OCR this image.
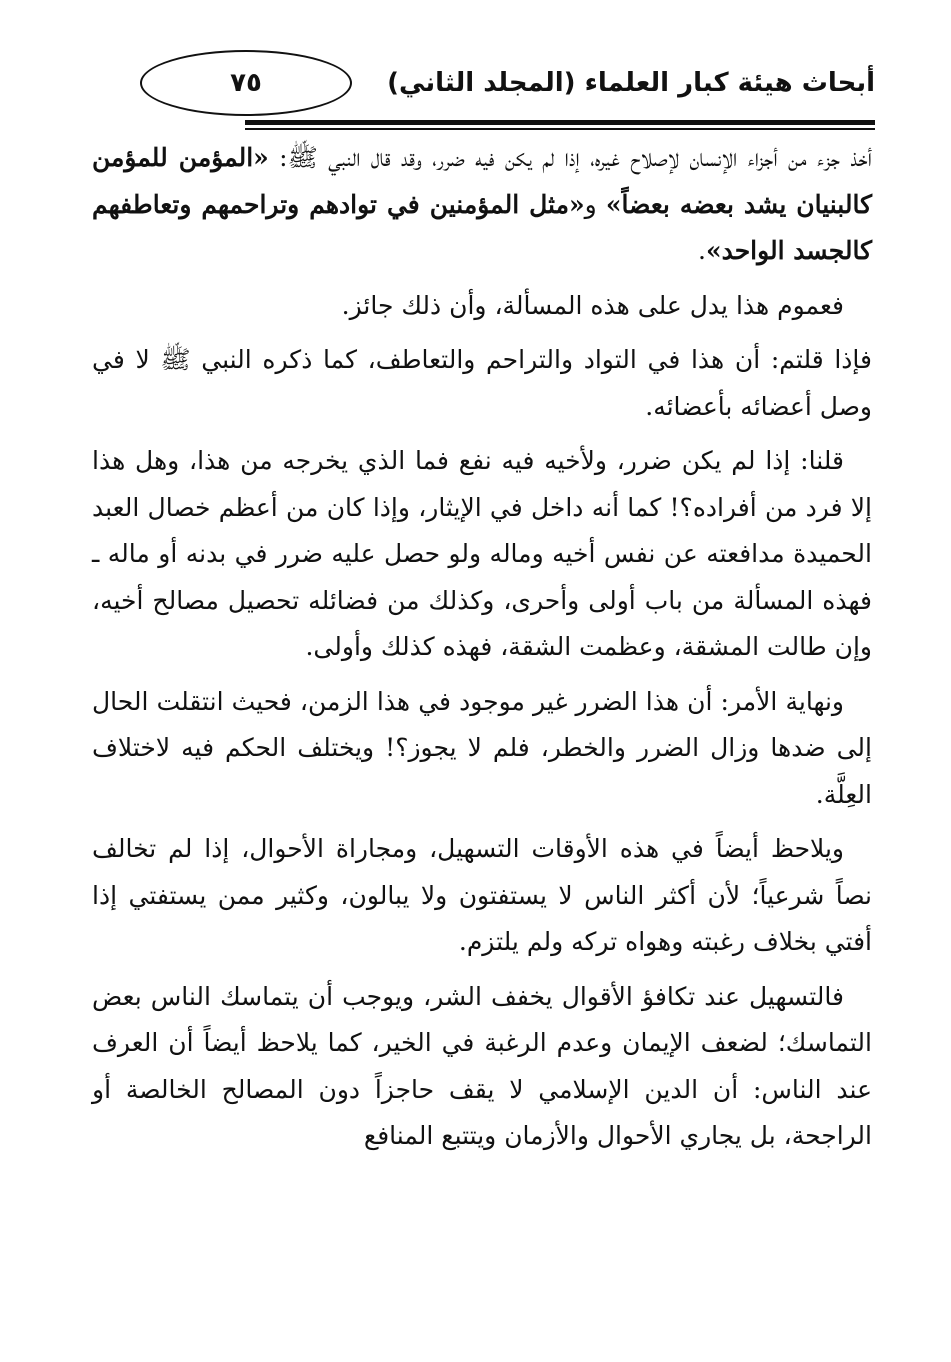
٧٥	أبحاث هيئة كبار العلماء (المجلد الثاني)

أخذ جزء من أجزاء الإنسان لإصلاح غيره، إذا لم يكن فيه ضرر، وقد قال النبي ﷺ: «المؤمن للمؤمن كالبنيان يشد بعضه بعضاً» و«مثل المؤمنين في توادهم وتراحمهم وتعاطفهم كالجسد الواحد».

فعموم هذا يدل على هذه المسألة، وأن ذلك جائز.

فإذا قلتم: أن هذا في التواد والتراحم والتعاطف، كما ذكره النبي ﷺ لا في وصل أعضائه بأعضائه.

قلنا: إذا لم يكن ضرر، ولأخيه فيه نفع فما الذي يخرجه من هذا، وهل هذا إلا فرد من أفراده؟! كما أنه داخل في الإيثار، وإذا كان من أعظم خصال العبد الحميدة مدافعته عن نفس أخيه وماله ولو حصل عليه ضرر في بدنه أو ماله ـ فهذه المسألة من باب أولى وأحرى، وكذلك من فضائله تحصيل مصالح أخيه، وإن طالت المشقة، وعظمت الشقة، فهذه كذلك وأولى.

ونهاية الأمر: أن هذا الضرر غير موجود في هذا الزمن، فحيث انتقلت الحال إلى ضدها وزال الضرر والخطر، فلم لا يجوز؟! ويختلف الحكم فيه لاختلاف العِلَّة.

ويلاحظ أيضاً في هذه الأوقات التسهيل، ومجاراة الأحوال، إذا لم تخالف نصاً شرعياً؛ لأن أكثر الناس لا يستفتون ولا يبالون، وكثير ممن يستفتي إذا أفتي بخلاف رغبته وهواه تركه ولم يلتزم.

فالتسهيل عند تكافؤ الأقوال يخفف الشر، ويوجب أن يتماسك الناس بعض التماسك؛ لضعف الإيمان وعدم الرغبة في الخير، كما يلاحظ أيضاً أن العرف عند الناس: أن الدين الإسلامي لا يقف حاجزاً دون المصالح الخالصة أو الراجحة، بل يجاري الأحوال والأزمان ويتتبع المنافع
